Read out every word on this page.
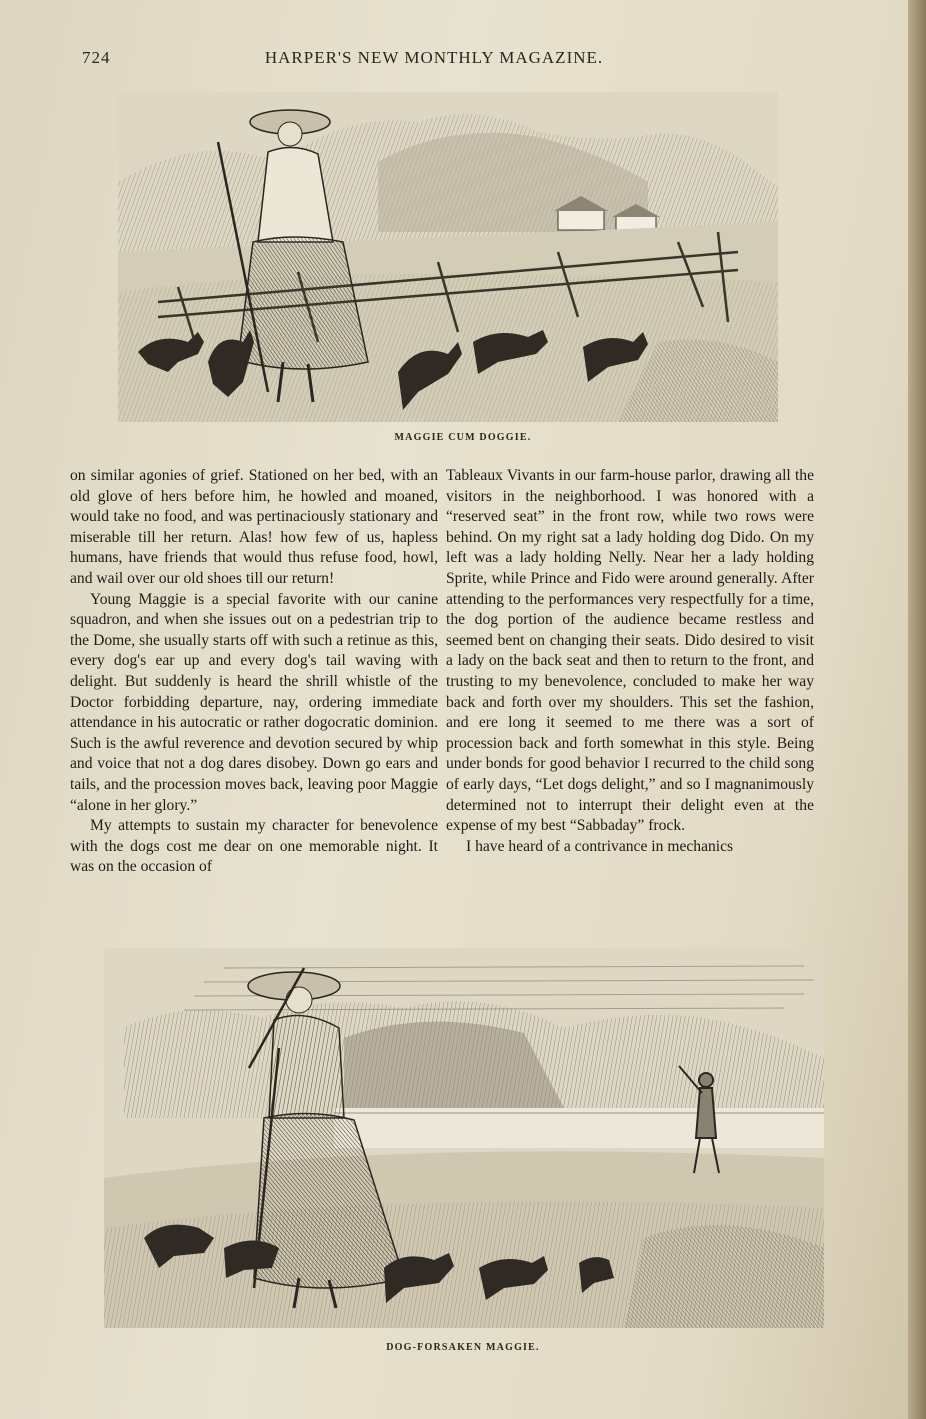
724	HARPER'S NEW MONTHLY MAGAZINE.
MAGGIE CUM DOGGIE.

on similar agonies of grief. Stationed on her bed, with an old glove of hers before him, he howled and moaned, would take no food, and was pertinaciously stationary and miserable till her return. Alas! how few of us, hapless humans, have friends that would thus refuse food, howl, and wail over our old shoes till our return!

Young Maggie is a special favorite with our canine squadron, and when she issues out on a pedestrian trip to the Dome, she usually starts off with such a retinue as this, every dog's ear up and every dog's tail waving with delight. But suddenly is heard the shrill whistle of the Doctor forbidding departure, nay, ordering immediate attendance in his autocratic or rather dogocratic dominion. Such is the awful reverence and devotion secured by whip and voice that not a dog dares disobey. Down go ears and tails, and the procession moves back, leaving poor Maggie “alone in her glory.”

My attempts to sustain my character for benevolence with the dogs cost me dear on one memorable night. It was on the occasion of

Tableaux Vivants in our farm-house parlor, drawing all the visitors in the neighborhood. I was honored with a “reserved seat” in the front row, while two rows were behind. On my right sat a lady holding dog Dido. On my left was a lady holding Nelly. Near her a lady holding Sprite, while Prince and Fido were around generally. After attending to the performances very respectfully for a time, the dog portion of the audience became restless and seemed bent on changing their seats. Dido desired to visit a lady on the back seat and then to return to the front, and trusting to my benevolence, concluded to make her way back and forth over my shoulders. This set the fashion, and ere long it seemed to me there was a sort of procession back and forth somewhat in this style. Being under bonds for good behavior I recurred to the child song of early days, “Let dogs delight,” and so I magnanimously determined not to interrupt their delight even at the expense of my best “Sabbaday” frock.

I have heard of a contrivance in mechanics

DOG-FORSAKEN MAGGIE.
